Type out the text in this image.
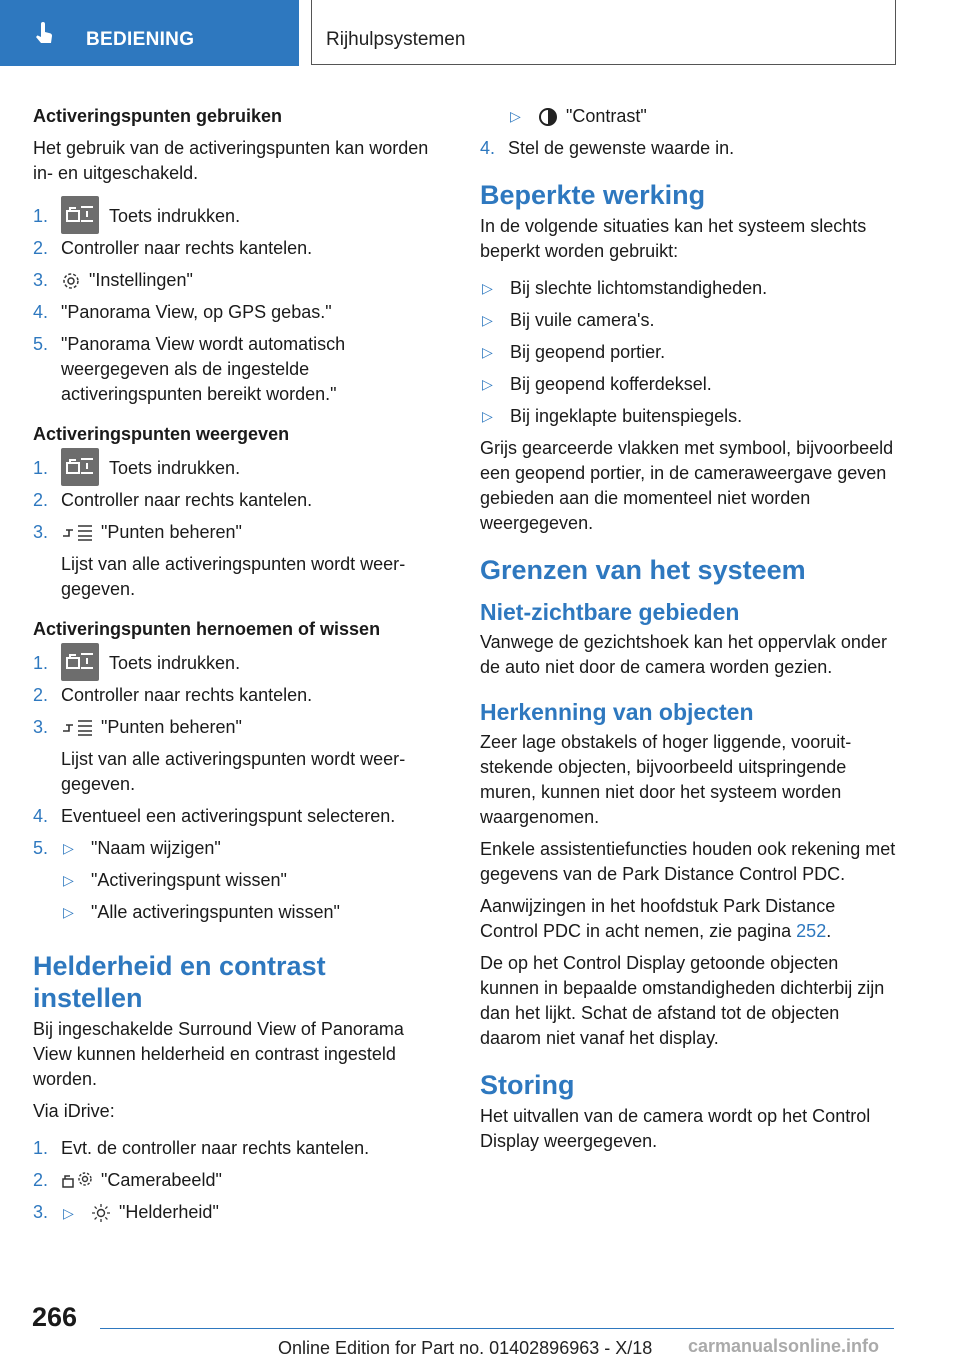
BEDIENING	Rijhulpsystemen

Activeringspunten gebruiken

Het gebruik van de activeringspunten kan worden in- en uitgeschakeld.

1.	Toets indrukken.
2. Controller naar rechts kantelen.
3.	"Instellingen"
4. "Panorama View, op GPS gebas."
5. "Panorama View wordt automatisch weergegeven als de ingestelde activeringspunten bereikt worden."

Activeringspunten weergeven

1.	Toets indrukken.
2. Controller naar rechts kantelen.
3.	"Punten beheren"
Lijst van alle activeringspunten wordt weergegeven.

Activeringspunten hernoemen of wissen

1.	Toets indrukken.
2. Controller naar rechts kantelen.
3.	"Punten beheren"
Lijst van alle activeringspunten wordt weergegeven.
4. Eventueel een activeringspunt selecteren.
5.	▷ "Naam wijzigen"
▷ "Activeringspunt wissen"
▷ "Alle activeringspunten wissen"
Helderheid en contrast instellen

Bij ingeschakelde Surround View of Panorama View kunnen helderheid en contrast ingesteld worden.

Via iDrive:

1. Evt. de controller naar rechts kantelen.
2.	"Camerabeeld"
3.	▷	"Helderheid"
▷	"Contrast"
4. Stel de gewenste waarde in.
Beperkte werking

In de volgende situaties kan het systeem slechts beperkt worden gebruikt:

▷ Bij slechte lichtomstandigheden.
▷ Bij vuile camera's.
▷ Bij geopend portier.
▷ Bij geopend kofferdeksel.
▷ Bij ingeklapte buitenspiegels.

Grijs gearceerde vlakken met symbool, bijvoorbeeld een geopend portier, in de cameraweergave geven gebieden aan die momenteel niet worden weergegeven.

Grenzen van het systeem
Niet-zichtbare gebieden

Vanwege de gezichtshoek kan het oppervlak onder de auto niet door de camera worden gezien.

Herkenning van objecten

Zeer lage obstakels of hoger liggende, vooruitstekende objecten, bijvoorbeeld uitspringende muren, kunnen niet door het systeem worden waargenomen.

Enkele assistentiefuncties houden ook rekening met gegevens van de Park Distance Control PDC.

Aanwijzingen in het hoofdstuk Park Distance Control PDC in acht nemen, zie pagina 252.

De op het Control Display getoonde objecten kunnen in bepaalde omstandigheden dichterbij zijn dan het lijkt. Schat de afstand tot de objecten daarom niet vanaf het display.

Storing

Het uitvallen van de camera wordt op het Control Display weergegeven.

266
Online Edition for Part no. 01402896963 - X/18 carmanualsonline.info
